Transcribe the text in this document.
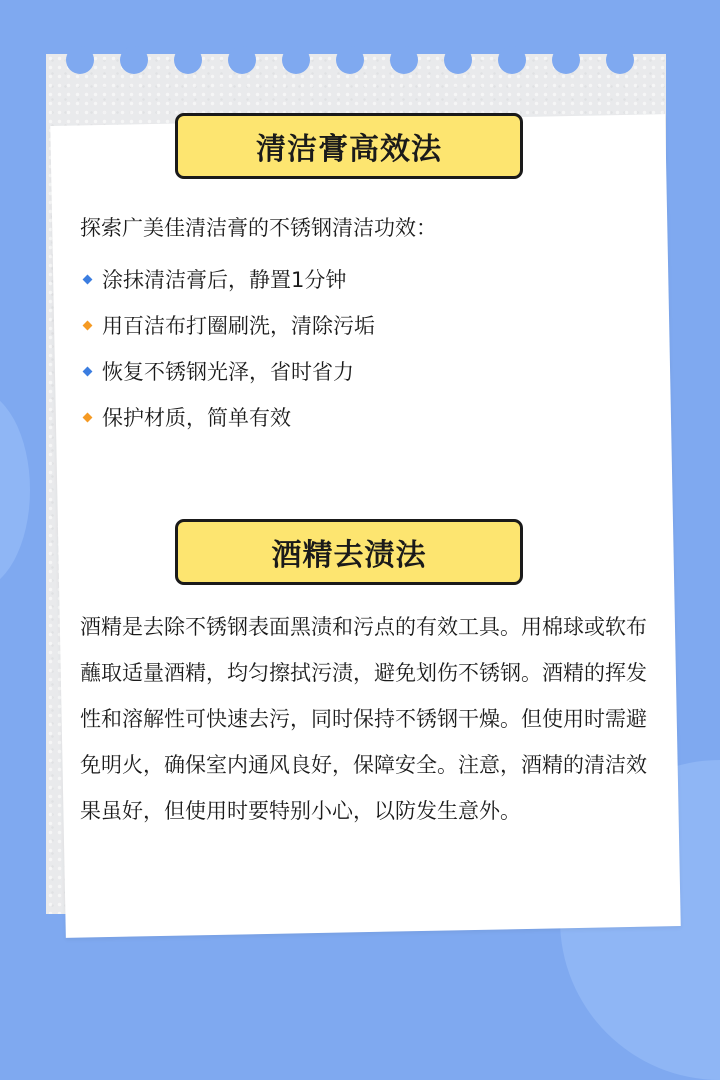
清洁膏高效法
探索广美佳清洁膏的不锈钢清洁功效：
涂抹清洁膏后，静置1分钟
用百洁布打圈刷洗，清除污垢
恢复不锈钢光泽，省时省力
保护材质，简单有效
酒精去渍法

酒精是去除不锈钢表面黑渍和污点的有效工具。用棉球或软布蘸取适量酒精，均匀擦拭污渍，避免划伤不锈钢。酒精的挥发性和溶解性可快速去污，同时保持不锈钢干燥。但使用时需避免明火，确保室内通风良好，保障安全。注意，酒精的清洁效果虽好，但使用时要特别小心，以防发生意外。
